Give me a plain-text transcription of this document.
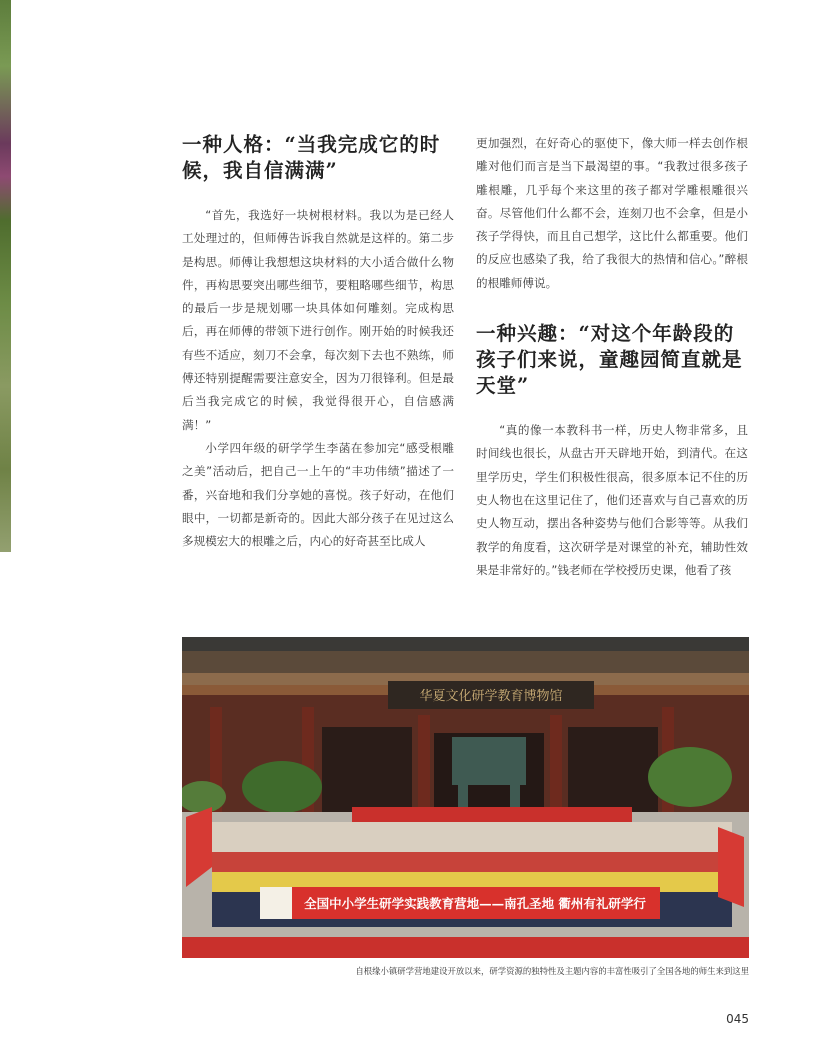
一种人格：“当我完成它的时候，我自信满满”

“首先，我选好一块树根材料。我以为是已经人工处理过的，但师傅告诉我自然就是这样的。第二步是构思。师傅让我想想这块材料的大小适合做什么物件，再构思要突出哪些细节，要粗略哪些细节，构思的最后一步是规划哪一块具体如何雕刻。完成构思后，再在师傅的带领下进行创作。刚开始的时候我还有些不适应，刻刀不会拿，每次刻下去也不熟练，师傅还特别提醒需要注意安全，因为刀很锋利。但是最后当我完成它的时候，我觉得很开心，自信感满满！”

小学四年级的研学学生李菡在参加完“感受根雕之美”活动后，把自己一上午的“丰功伟绩”描述了一番，兴奋地和我们分享她的喜悦。孩子好动，在他们眼中，一切都是新奇的。因此大部分孩子在见过这么多规模宏大的根雕之后，内心的好奇甚至比成人

更加强烈，在好奇心的驱使下，像大师一样去创作根雕对他们而言是当下最渴望的事。“我教过很多孩子雕根雕，几乎每个来这里的孩子都对学雕根雕很兴奋。尽管他们什么都不会，连刻刀也不会拿，但是小孩子学得快，而且自己想学，这比什么都重要。他们的反应也感染了我，给了我很大的热情和信心。”醉根的根雕师傅说。

一种兴趣：“对这个年龄段的孩子们来说，童趣园简直就是天堂”

“真的像一本教科书一样，历史人物非常多，且时间线也很长，从盘古开天辟地开始，到清代。在这里学历史，学生们积极性很高，很多原本记不住的历史人物也在这里记住了，他们还喜欢与自己喜欢的历史人物互动，摆出各种姿势与他们合影等等。从我们教学的角度看，这次研学是对课堂的补充，辅助性效果是非常好的。”钱老师在学校授历史课，他看了孩

华夏文化研学教育博物馆
全国中小学生研学实践教育营地——南孔圣地 衢州有礼研学行
自根缘小镇研学营地建设开放以来，研学资源的独特性及主题内容的丰富性吸引了全国各地的师生来到这里
045
